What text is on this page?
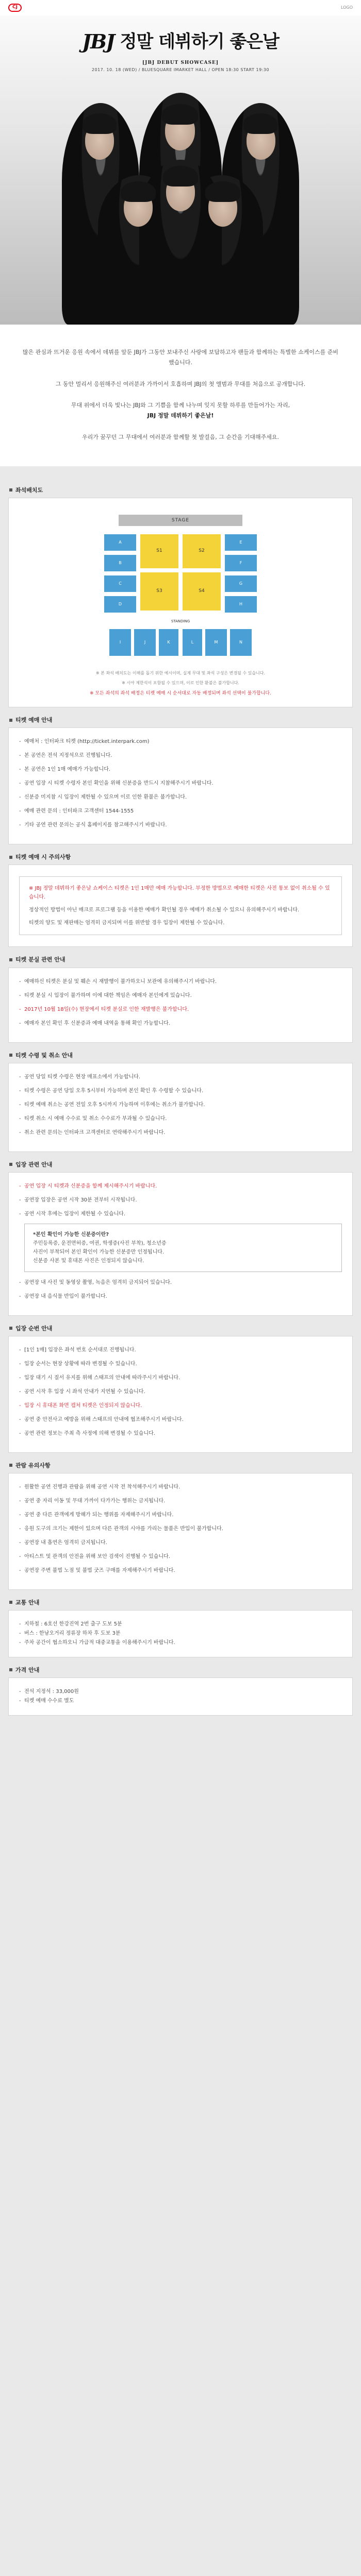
CJ	LOGO
JBJ 정말 데뷔하기 좋은날
[JBJ DEBUT SHOWCASE]
2017. 10. 18 (WED) / BLUESQUARE IMARKET HALL / OPEN 18:30 START 19:30

많은 관심과 뜨거운 응원 속에서 데뷔를 앞둔 JBJ가 그동안 보내주신 사랑에 보답하고자 팬들과 함께하는 특별한 쇼케이스를 준비했습니다.

그 동안 멀리서 응원해주신 여러분과 가까이서 호흡하며 JBJ의 첫 앨범과 무대를 처음으로 공개합니다.

무대 위에서 더욱 빛나는 JBJ와 그 기쁨을 함께 나누며 잊지 못할 하루를 만들어가는 자리,
JBJ 정말 데뷔하기 좋은날!

우리가 꿈꾸던 그 무대에서 여러분과 함께할 첫 발걸음, 그 순간을 기대해주세요.

좌석배치도
STAGE
S1	S2
S3	S4
A
B
C
D
E
F
G
H
STANDING
I	J	K	L	M	N
※ 본 좌석 배치도는 이해를 돕기 위한 예시이며, 실제 무대 및 좌석 구성은 변경될 수 있습니다.
※ 시야 제한석이 포함될 수 있으며, 이로 인한 환불은 불가합니다.
※ 모든 좌석의 좌석 배정은 티켓 예매 시 순서대로 자동 배정되며 좌석 선택이 불가합니다.
티켓 예매 안내
- 예매처 : 인터파크 티켓 (http://ticket.interpark.com)
- 본 공연은 전석 지정석으로 진행됩니다.
- 본 공연은 1인 1매 예매가 가능합니다.
- 공연 입장 시 티켓 수령자 본인 확인을 위해 신분증을 반드시 지참해주시기 바랍니다.
- 신분증 미지참 시 입장이 제한될 수 있으며 이로 인한 환불은 불가합니다.
- 예매 관련 문의 : 인터파크 고객센터 1544-1555
- 기타 공연 관련 문의는 공식 홈페이지를 참고해주시기 바랍니다.
티켓 예매 시 주의사항

※ JBJ 정말 데뷔하기 좋은날 쇼케이스 티켓은 1인 1매만 예매 가능합니다. 부정한 방법으로 예매한 티켓은 사전 통보 없이 취소될 수 있습니다.

정상적인 방법이 아닌 매크로 프로그램 등을 이용한 예매가 확인될 경우 예매가 취소될 수 있으니 유의해주시기 바랍니다.

티켓의 양도 및 재판매는 엄격히 금지되며 이를 위반할 경우 입장이 제한될 수 있습니다.

티켓 분실 관련 안내
- 예매하신 티켓은 분실 및 훼손 시 재발행이 불가하오니 보관에 유의해주시기 바랍니다.
- 티켓 분실 시 입장이 불가하며 이에 대한 책임은 예매자 본인에게 있습니다.
- 2017년 10월 18일(수) 현장에서 티켓 분실로 인한 재발행은 불가합니다.
- 예매자 본인 확인 후 신분증과 예매 내역을 통해 확인 가능합니다.
티켓 수령 및 취소 안내
- 공연 당일 티켓 수령은 현장 매표소에서 가능합니다.
- 티켓 수령은 공연 당일 오후 5시부터 가능하며 본인 확인 후 수령할 수 있습니다.
- 티켓 예매 취소는 공연 전일 오후 5시까지 가능하며 이후에는 취소가 불가합니다.
- 티켓 취소 시 예매 수수료 및 취소 수수료가 부과될 수 있습니다.
- 취소 관련 문의는 인터파크 고객센터로 연락해주시기 바랍니다.
입장 관련 안내
- 공연 입장 시 티켓과 신분증을 함께 제시해주시기 바랍니다.
- 공연장 입장은 공연 시작 30분 전부터 시작됩니다.
- 공연 시작 후에는 입장이 제한될 수 있습니다.

*본인 확인이 가능한 신분증이란?

주민등록증, 운전면허증, 여권, 학생증(사진 부착), 청소년증

사진이 부착되어 본인 확인이 가능한 신분증만 인정됩니다.

신분증 사본 및 휴대폰 사진은 인정되지 않습니다.

- 공연장 내 사진 및 동영상 촬영, 녹음은 엄격히 금지되어 있습니다.
- 공연장 내 음식물 반입이 불가합니다.
입장 순번 안내
- [1인 1매] 입장은 좌석 번호 순서대로 진행됩니다.
- 입장 순서는 현장 상황에 따라 변경될 수 있습니다.
- 입장 대기 시 질서 유지를 위해 스태프의 안내에 따라주시기 바랍니다.
- 공연 시작 후 입장 시 좌석 안내가 지연될 수 있습니다.
- 입장 시 휴대폰 화면 캡처 티켓은 인정되지 않습니다.
- 공연 중 안전사고 예방을 위해 스태프의 안내에 협조해주시기 바랍니다.
- 공연 관련 정보는 주최 측 사정에 의해 변경될 수 있습니다.
관람 유의사항
- 원활한 공연 진행과 관람을 위해 공연 시작 전 착석해주시기 바랍니다.
- 공연 중 자리 이동 및 무대 가까이 다가가는 행위는 금지됩니다.
- 공연 중 다른 관객에게 방해가 되는 행위를 자제해주시기 바랍니다.
- 응원 도구의 크기는 제한이 있으며 다른 관객의 시야를 가리는 물품은 반입이 불가합니다.
- 공연장 내 흡연은 엄격히 금지됩니다.
- 아티스트 및 관객의 안전을 위해 보안 검색이 진행될 수 있습니다.
- 공연장 주변 불법 노점 및 불법 굿즈 구매를 자제해주시기 바랍니다.
교통 안내
- 지하철 : 6호선 한강진역 2번 출구 도보 5분
- 버스 : 한남오거리 정류장 하차 후 도보 3분
- 주차 공간이 협소하오니 가급적 대중교통을 이용해주시기 바랍니다.
가격 안내
- 전석 지정석 : 33,000원
- 티켓 예매 수수료 별도
